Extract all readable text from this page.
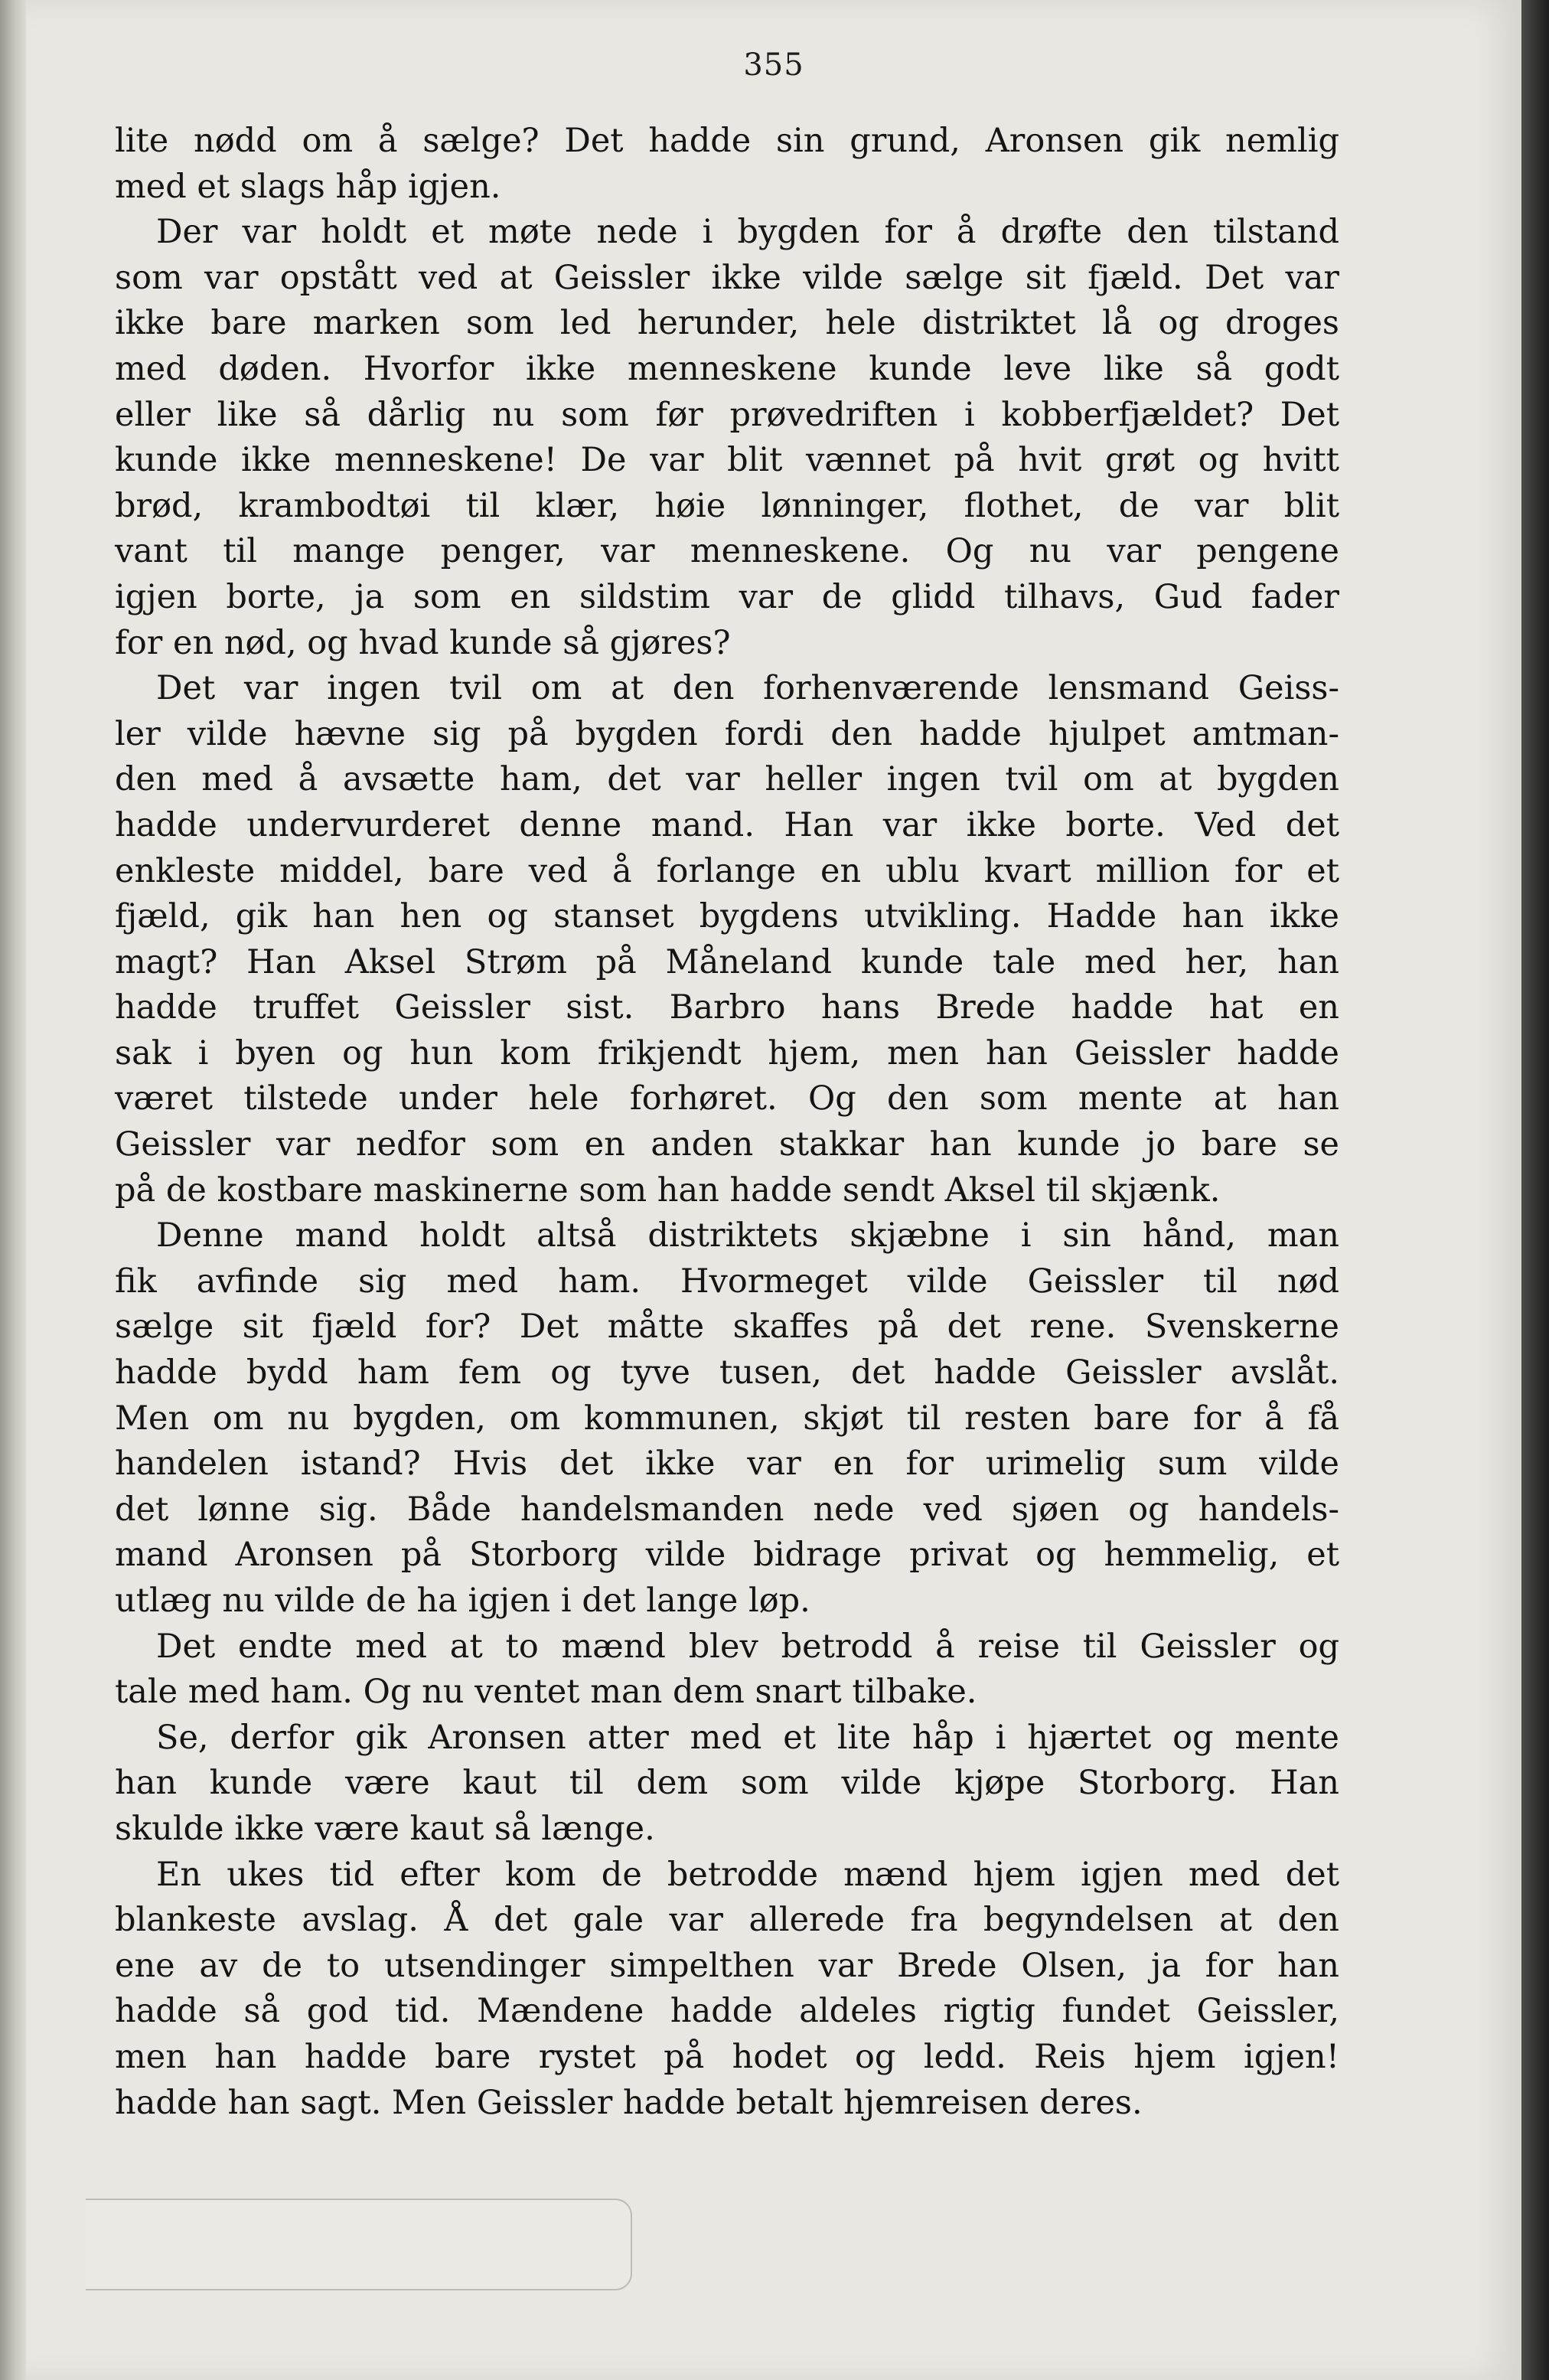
355
lite nødd om å sælge? Det hadde sin grund, Aronsen gik nemlig
med et slags håp igjen.
Der var holdt et møte nede i bygden for å drøfte den tilstand
som var opstått ved at Geissler ikke vilde sælge sit fjæld. Det var
ikke bare marken som led herunder, hele distriktet lå og droges
med døden. Hvorfor ikke menneskene kunde leve like så godt
eller like så dårlig nu som før prøvedriften i kobberfjældet? Det
kunde ikke menneskene! De var blit vænnet på hvit grøt og hvitt
brød, krambodtøi til klær, høie lønninger, flothet, de var blit
vant til mange penger, var menneskene. Og nu var pengene
igjen borte, ja som en sildstim var de glidd tilhavs, Gud fader
for en nød, og hvad kunde så gjøres?
Det var ingen tvil om at den forhenværende lensmand Geiss-
ler vilde hævne sig på bygden fordi den hadde hjulpet amtman-
den med å avsætte ham, det var heller ingen tvil om at bygden
hadde undervurderet denne mand. Han var ikke borte. Ved det
enkleste middel, bare ved å forlange en ublu kvart million for et
fjæld, gik han hen og stanset bygdens utvikling. Hadde han ikke
magt? Han Aksel Strøm på Måneland kunde tale med her, han
hadde truffet Geissler sist. Barbro hans Brede hadde hat en
sak i byen og hun kom frikjendt hjem, men han Geissler hadde
været tilstede under hele forhøret. Og den som mente at han
Geissler var nedfor som en anden stakkar han kunde jo bare se
på de kostbare maskinerne som han hadde sendt Aksel til skjænk.
Denne mand holdt altså distriktets skjæbne i sin hånd, man
fik avfinde sig med ham. Hvormeget vilde Geissler til nød
sælge sit fjæld for? Det måtte skaffes på det rene. Svenskerne
hadde bydd ham fem og tyve tusen, det hadde Geissler avslåt.
Men om nu bygden, om kommunen, skjøt til resten bare for å få
handelen istand? Hvis det ikke var en for urimelig sum vilde
det lønne sig. Både handelsmanden nede ved sjøen og handels-
mand Aronsen på Storborg vilde bidrage privat og hemmelig, et
utlæg nu vilde de ha igjen i det lange løp.
Det endte med at to mænd blev betrodd å reise til Geissler og
tale med ham. Og nu ventet man dem snart tilbake.
Se, derfor gik Aronsen atter med et lite håp i hjærtet og mente
han kunde være kaut til dem som vilde kjøpe Storborg. Han
skulde ikke være kaut så længe.
En ukes tid efter kom de betrodde mænd hjem igjen med det
blankeste avslag. Å det gale var allerede fra begyndelsen at den
ene av de to utsendinger simpelthen var Brede Olsen, ja for han
hadde så god tid. Mændene hadde aldeles rigtig fundet Geissler,
men han hadde bare rystet på hodet og ledd. Reis hjem igjen!
hadde han sagt. Men Geissler hadde betalt hjemreisen deres.
